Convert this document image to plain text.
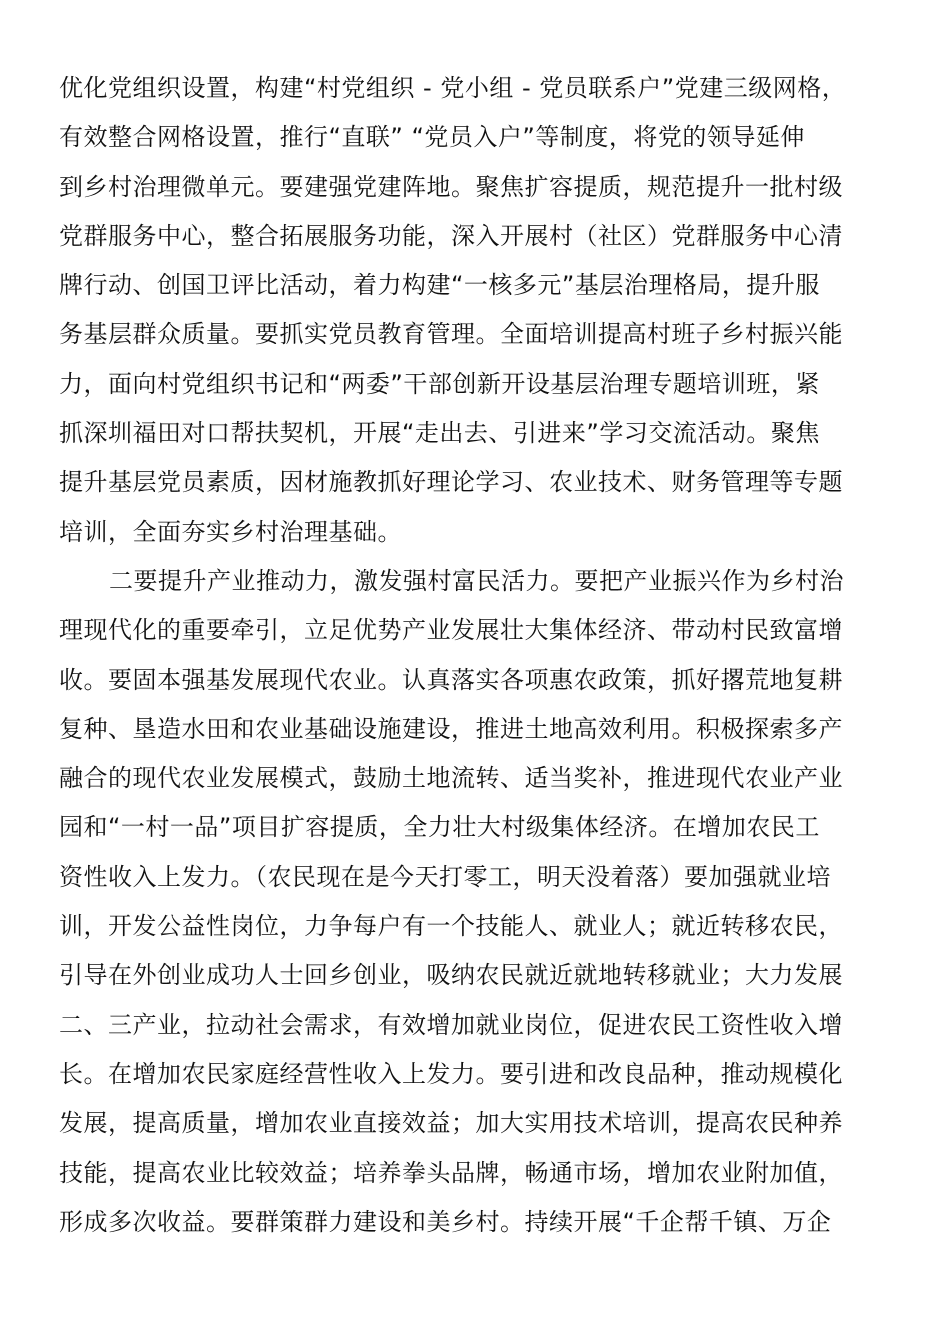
优化党组织设置，构建“村党组织 - 党小组 - 党员联系户”党建三级网格，
有效整合网格设置，推行“直联” “党员入户”等制度，将党的领导延伸
到乡村治理微单元。要建强党建阵地。聚焦扩容提质，规范提升一批村级
党群服务中心，整合拓展服务功能，深入开展村（社区）党群服务中心清
牌行动、创国卫评比活动，着力构建“一核多元”基层治理格局，提升服
务基层群众质量。要抓实党员教育管理。全面培训提高村班子乡村振兴能
力，面向村党组织书记和“两委”干部创新开设基层治理专题培训班，紧
抓深圳福田对口帮扶契机，开展“走出去、引进来”学习交流活动。聚焦
提升基层党员素质，因材施教抓好理论学习、农业技术、财务管理等专题
培训，全面夯实乡村治理基础。
二要提升产业推动力，激发强村富民活力。要把产业振兴作为乡村治
理现代化的重要牵引，立足优势产业发展壮大集体经济、带动村民致富增
收。要固本强基发展现代农业。认真落实各项惠农政策，抓好撂荒地复耕
复种、垦造水田和农业基础设施建设，推进土地高效利用。积极探索多产
融合的现代农业发展模式，鼓励土地流转、适当奖补，推进现代农业产业
园和“一村一品”项目扩容提质，全力壮大村级集体经济。在增加农民工
资性收入上发力。（农民现在是今天打零工，明天没着落）要加强就业培
训，开发公益性岗位，力争每户有一个技能人、就业人；就近转移农民，
引导在外创业成功人士回乡创业，吸纳农民就近就地转移就业；大力发展
二、三产业，拉动社会需求，有效增加就业岗位，促进农民工资性收入增
长。在增加农民家庭经营性收入上发力。要引进和改良品种，推动规模化
发展，提高质量，增加农业直接效益；加大实用技术培训，提高农民种养
技能，提高农业比较效益；培养拳头品牌，畅通市场，增加农业附加值，
形成多次收益。要群策群力建设和美乡村。持续开展“千企帮千镇、万企
